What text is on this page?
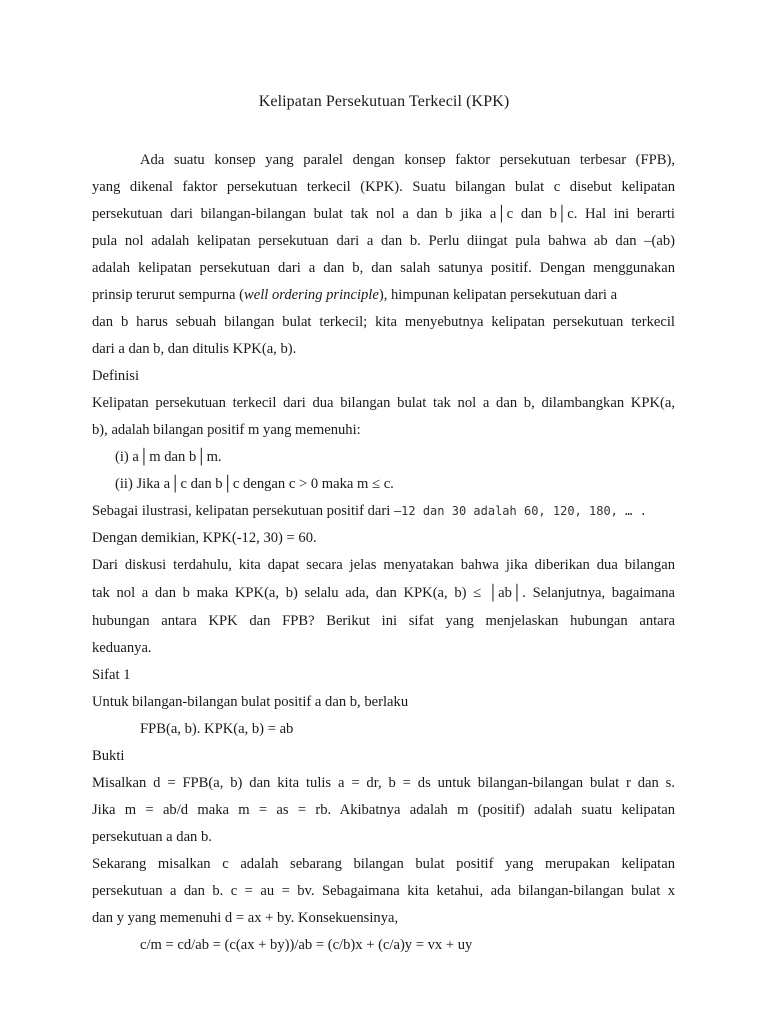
Kelipatan Persekutuan Terkecil (KPK)
Ada suatu konsep yang paralel dengan konsep faktor persekutuan terbesar (FPB),
yang dikenal faktor persekutuan terkecil (KPK). Suatu bilangan bulat c disebut kelipatan
persekutuan dari bilangan-bilangan bulat tak nol a dan b jika a│c dan b│c. Hal ini berarti
pula nol adalah kelipatan persekutuan dari a dan b. Perlu diingat pula bahwa ab dan –(ab)
adalah kelipatan persekutuan dari a dan b, dan salah satunya positif. Dengan menggunakan
prinsip terurut sempurna ( well ordering principle ), himpunan kelipatan persekutuan dari a
dan b harus sebuah bilangan bulat terkecil; kita menyebutnya kelipatan persekutuan terkecil
dari a dan b, dan ditulis KPK(a, b).
Definisi
Kelipatan persekutuan terkecil dari dua bilangan bulat tak nol a dan b, dilambangkan KPK(a,
b), adalah bilangan positif m yang memenuhi:
(i) a│m dan b│m.
(ii) Jika a│c dan b│c dengan c > 0 maka m ≤ c.
Sebagai ilustrasi, kelipatan persekutuan positif dari –12 dan 30 adalah 60, 120, 180, … .
Dengan demikian, KPK(-12, 30) = 60.
Dari diskusi terdahulu, kita dapat secara jelas menyatakan bahwa jika diberikan dua bilangan
tak nol a dan b maka KPK(a, b) selalu ada, dan KPK(a, b) ≤ │ab│. Selanjutnya, bagaimana
hubungan antara KPK dan FPB? Berikut ini sifat yang menjelaskan hubungan antara
keduanya.
Sifat 1
Untuk bilangan-bilangan bulat positif a dan b, berlaku
FPB(a, b). KPK(a, b) = ab
Bukti
Misalkan d = FPB(a, b) dan kita tulis a = dr, b = ds untuk bilangan-bilangan bulat r dan s.
Jika m = ab/d maka m = as = rb. Akibatnya adalah m (positif) adalah suatu kelipatan
persekutuan a dan b.
Sekarang misalkan c adalah sebarang bilangan bulat positif yang merupakan kelipatan
persekutuan a dan b. c = au = bv. Sebagaimana kita ketahui, ada bilangan-bilangan bulat x
dan y yang memenuhi d = ax + by. Konsekuensinya,
c/m = cd/ab = (c(ax + by))/ab = (c/b)x + (c/a)y = vx + uy
